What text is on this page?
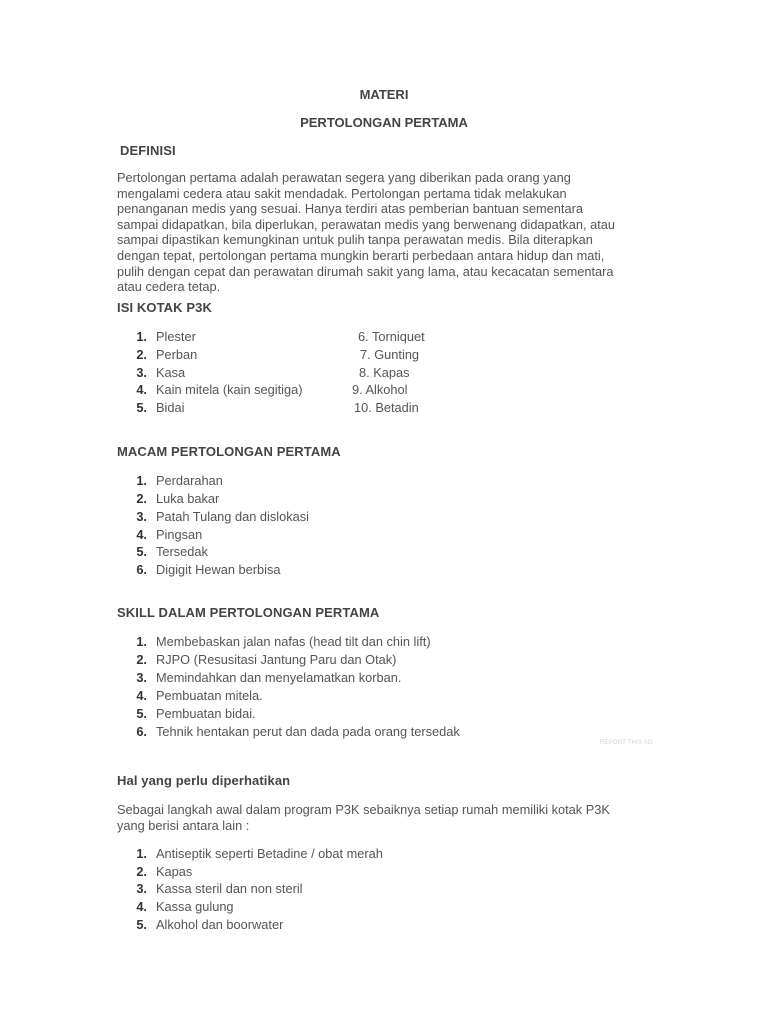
MATERI
PERTOLONGAN PERTAMA
DEFINISI
Pertolongan pertama adalah perawatan segera yang diberikan pada orang yang
mengalami cedera atau sakit mendadak. Pertolongan pertama tidak melakukan
penanganan medis yang sesuai. Hanya terdiri atas pemberian bantuan sementara
sampai didapatkan, bila diperlukan, perawatan medis yang berwenang didapatkan, atau
sampai dipastikan kemungkinan untuk pulih tanpa perawatan medis. Bila diterapkan
dengan tepat, pertolongan pertama mungkin berarti perbedaan antara hidup dan mati,
pulih dengan cepat dan perawatan dirumah sakit yang lama, atau kecacatan sementara
atau cedera tetap.
ISI KOTAK P3K
1. Plester	6. Torniquet
2. Perban	7. Gunting
3. Kasa	8. Kapas
4. Kain mitela (kain segitiga)	9. Alkohol
5. Bidai	10. Betadin
MACAM PERTOLONGAN PERTAMA
1. Perdarahan
2. Luka bakar
3. Patah Tulang dan dislokasi
4. Pingsan
5. Tersedak
6. Digigit Hewan berbisa
SKILL DALAM PERTOLONGAN PERTAMA
1. Membebaskan jalan nafas (head tilt dan chin lift)
2. RJPO (Resusitasi Jantung Paru dan Otak)
3. Memindahkan dan menyelamatkan korban.
4. Pembuatan mitela.
5. Pembuatan bidai.
6. Tehnik hentakan perut dan dada pada orang tersedak
REPORT THIS AD
Hal yang perlu diperhatikan
Sebagai langkah awal dalam program P3K sebaiknya setiap rumah memiliki kotak P3K
yang berisi antara lain :
1. Antiseptik seperti Betadine / obat merah
2. Kapas
3. Kassa steril dan non steril
4. Kassa gulung
5. Alkohol dan boorwater
